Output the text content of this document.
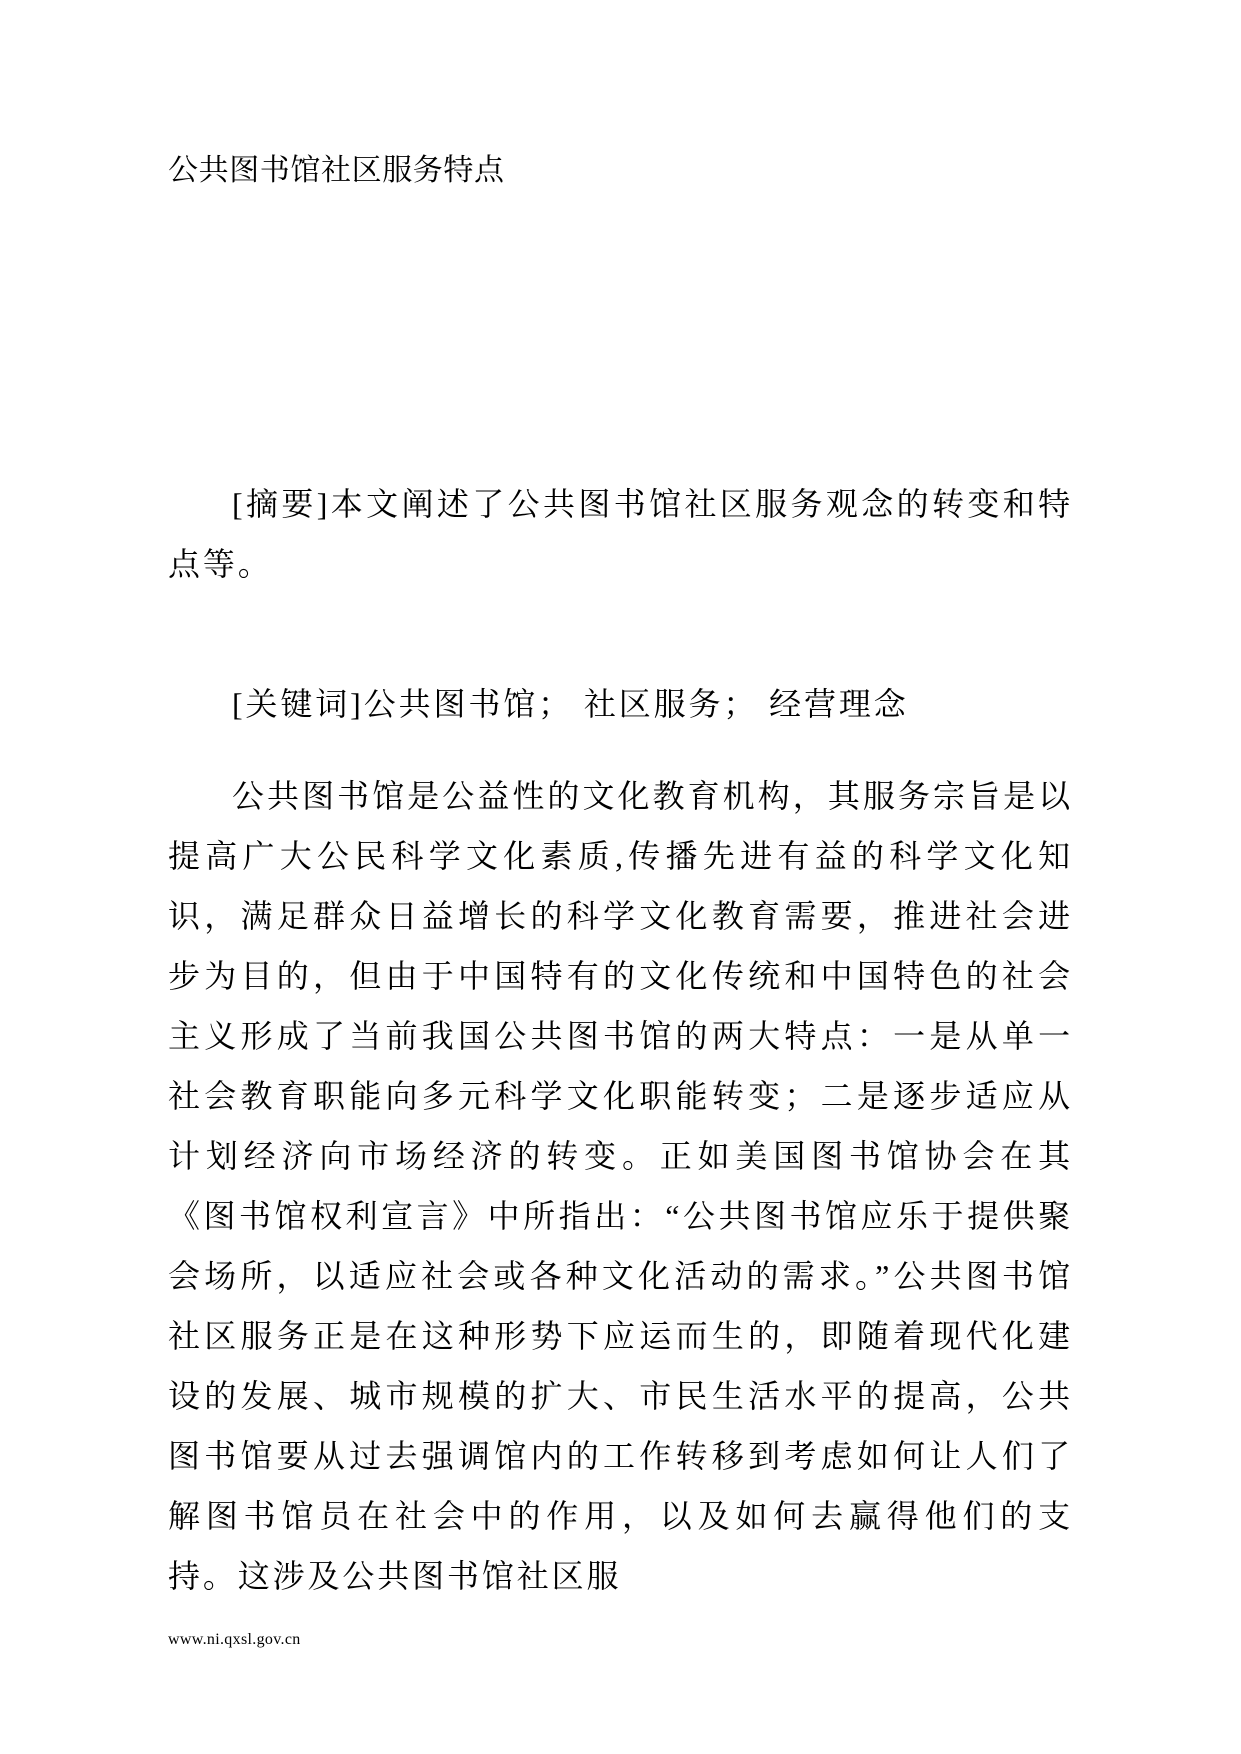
公共图书馆社区服务特点

[摘要]本文阐述了公共图书馆社区服务观念的转变和特点等。

[关键词]公共图书馆； 社区服务； 经营理念

公共图书馆是公益性的文化教育机构，其服务宗旨是以提高广大公民科学文化素质,传播先进有益的科学文化知识，满足群众日益增长的科学文化教育需要，推进社会进步为目的，但由于中国特有的文化传统和中国特色的社会主义形成了当前我国公共图书馆的两大特点：一是从单一社会教育职能向多元科学文化职能转变；二是逐步适应从计划经济向市场经济的转变。正如美国图书馆协会在其《图书馆权利宣言》中所指出：“公共图书馆应乐于提供聚会场所，以适应社会或各种文化活动的需求。”公共图书馆社区服务正是在这种形势下应运而生的，即随着现代化建设的发展、城市规模的扩大、市民生活水平的提高，公共图书馆要从过去强调馆内的工作转移到考虑如何让人们了解图书馆员在社会中的作用，以及如何去赢得他们的支持。这涉及公共图书馆社区服

www.ni.qxsl.gov.cn
